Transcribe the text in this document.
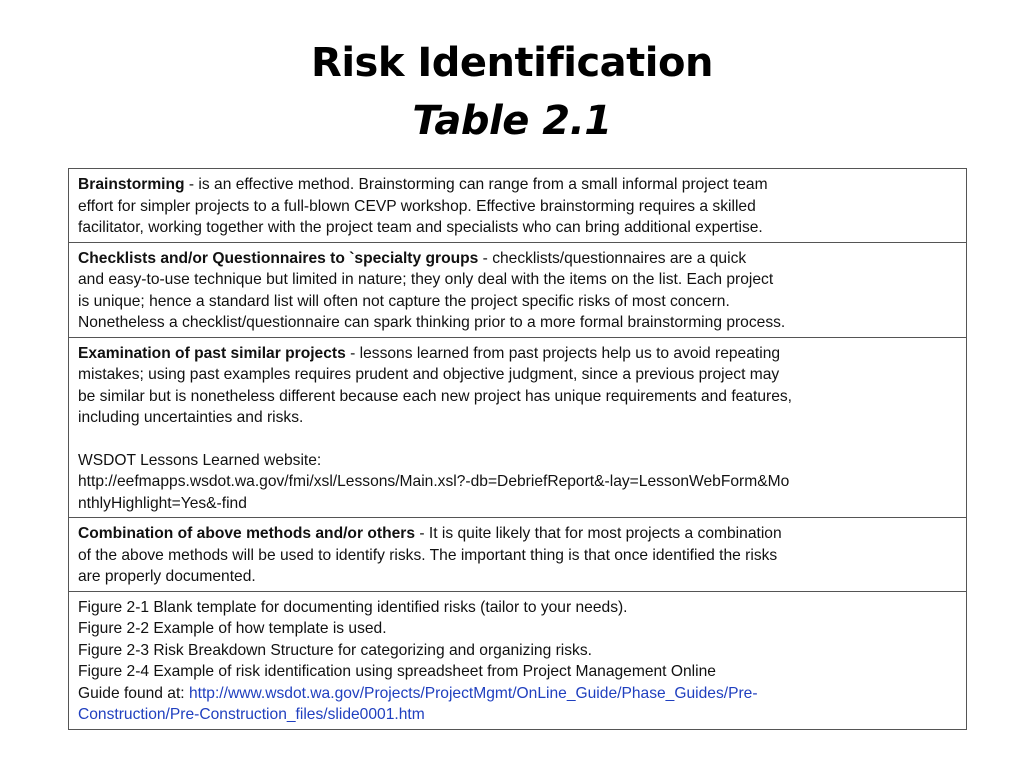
Risk Identification
Table 2.1

Brainstorming - is an effective method. Brainstorming can range from a small informal project team

effort for simpler projects to a full-blown CEVP workshop. Effective brainstorming requires a skilled

facilitator, working together with the project team and specialists who can bring additional expertise.

Checklists and/or Questionnaires to `specialty groups - checklists/questionnaires are a quick

and easy-to-use technique but limited in nature; they only deal with the items on the list. Each project

is unique; hence a standard list will often not capture the project specific risks of most concern.

Nonetheless a checklist/questionnaire can spark thinking prior to a more formal brainstorming process.

Examination of past similar projects - lessons learned from past projects help us to avoid repeating

mistakes; using past examples requires prudent and objective judgment, since a previous project may

be similar but is nonetheless different because each new project has unique requirements and features,

including uncertainties and risks.

WSDOT Lessons Learned website:

http://eefmapps.wsdot.wa.gov/fmi/xsl/Lessons/Main.xsl?-db=DebriefReport&-lay=LessonWebForm&Mo

nthlyHighlight=Yes&-find

Combination of above methods and/or others - It is quite likely that for most projects a combination

of the above methods will be used to identify risks. The important thing is that once identified the risks

are properly documented.

Figure 2-1 Blank template for documenting identified risks (tailor to your needs).

Figure 2-2 Example of how template is used.

Figure 2-3 Risk Breakdown Structure for categorizing and organizing risks.

Figure 2-4 Example of risk identification using spreadsheet from Project Management Online

Guide found at: http://www.wsdot.wa.gov/Projects/ProjectMgmt/OnLine_Guide/Phase_Guides/Pre-

Construction/Pre-Construction_files/slide0001.htm
